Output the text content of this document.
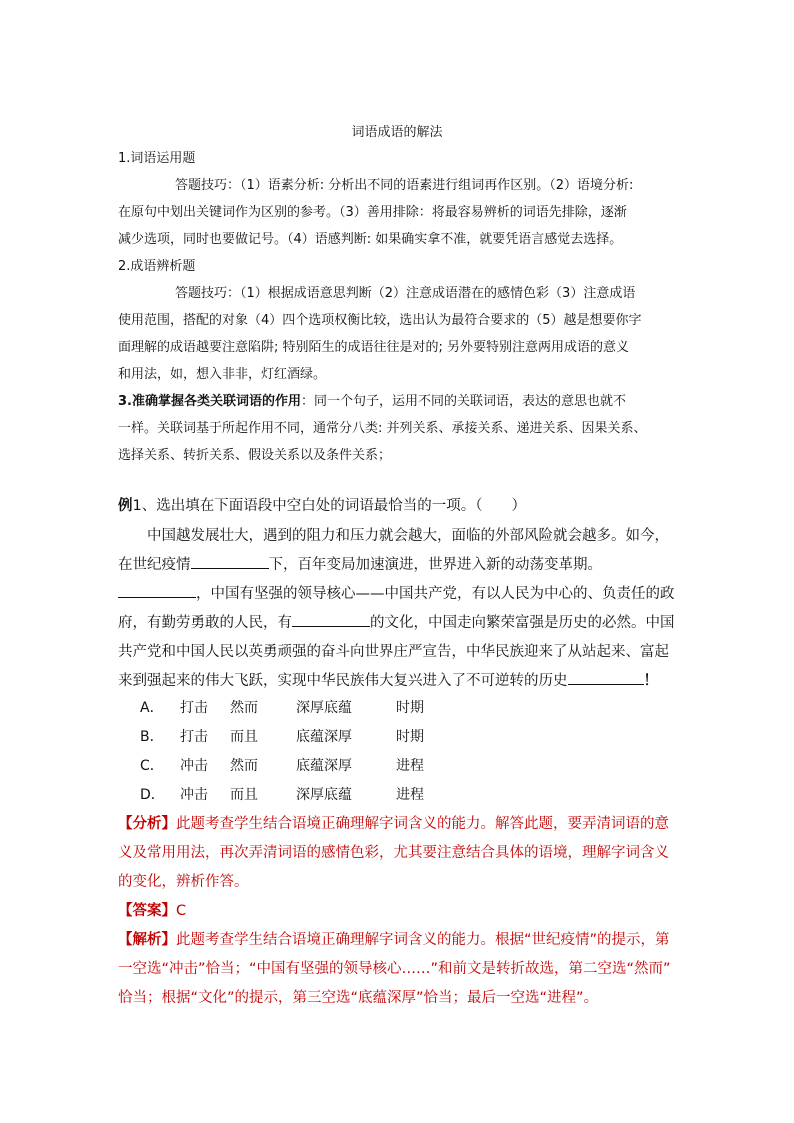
词语成语的解法
1.词语运用题
答题技巧：（1）语素分析: 分析出不同的语素进行组词再作区别。（2）语境分析:
在原句中划出关键词作为区别的参考。（3）善用排除：将最容易辨析的词语先排除，逐渐
减少选项，同时也要做记号。（4）语感判断: 如果确实拿不准，就要凭语言感觉去选择。
2.成语辨析题
答题技巧：（1）根据成语意思判断（2）注意成语潜在的感情色彩（3）注意成语
使用范围，搭配的对象（4）四个选项权衡比较，选出认为最符合要求的（5）越是想要你字
面理解的成语越要注意陷阱; 特别陌生的成语往往是对的; 另外要特别注意两用成语的意义
和用法，如，想入非非，灯红酒绿。
3.准确掌握各类关联词语的作用：同一个句子，运用不同的关联词语，表达的意思也就不
一样。关联词基于所起作用不同，通常分八类: 并列关系、承接关系、递进关系、因果关系、
选择关系、转折关系、假设关系以及条件关系；
例1、选出填在下面语段中空白处的词语最恰当的一项。（　　）
中国越发展壮大，遇到的阻力和压力就会越大，面临的外部风险就会越多。如今，
在世纪疫情	下，百年变局加速演进，世界进入新的动荡变革期。
，中国有坚强的领导核心——中国共产党，有以人民为中心的、负责任的政
府，有勤劳勇敢的人民，有	的文化，中国走向繁荣富强是历史的必然。中国
共产党和中国人民以英勇顽强的奋斗向世界庄严宣告，中华民族迎来了从站起来、富起
来到强起来的伟大飞跃，实现中华民族伟大复兴进入了不可逆转的历史	！
A． 打击 然而	深厚底蕴	时期
B． 打击 而且	底蕴深厚	时期
C． 冲击 然而	底蕴深厚	进程
D． 冲击 而且	深厚底蕴	进程
【分析】此题考查学生结合语境正确理解字词含义的能力。解答此题，要弄清词语的意
义及常用用法，再次弄清词语的感情色彩，尤其要注意结合具体的语境，理解字词含义
的变化，辨析作答。
【答案】C
【解析】此题考查学生结合语境正确理解字词含义的能力。根据“世纪疫情”的提示，第
一空选“冲击”恰当；“中国有坚强的领导核心……”和前文是转折故选，第二空选“然而”
恰当；根据“文化”的提示，第三空选“底蕴深厚”恰当；最后一空选“进程”。
